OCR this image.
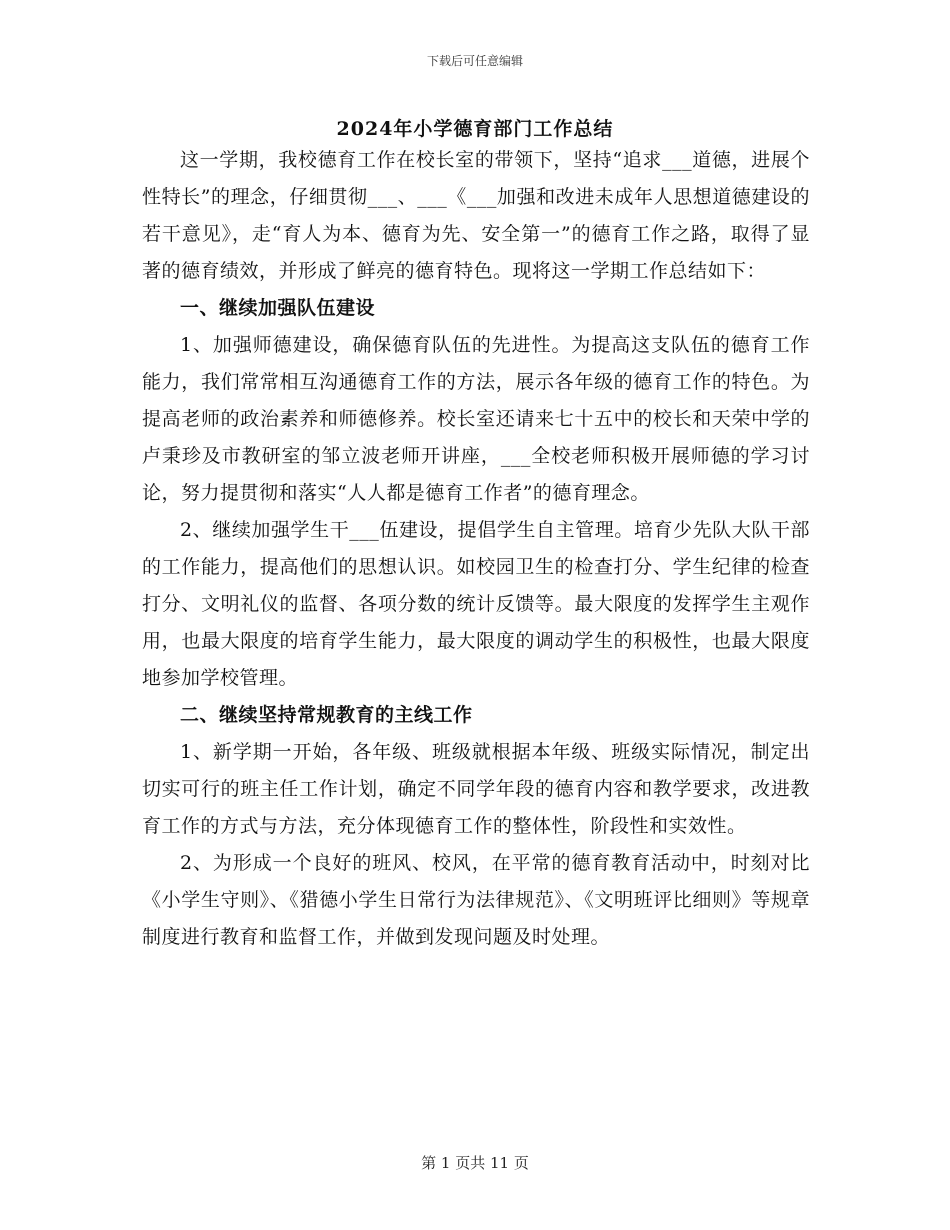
下载后可任意编辑
2024年小学德育部门工作总结

这一学期，我校德育工作在校长室的带领下，坚持“追求___道德，进展个性特长”的理念，仔细贯彻___、___《___加强和改进未成年人思想道德建设的若干意见》，走“育人为本、德育为先、安全第一”的德育工作之路，取得了显著的德育绩效，并形成了鲜亮的德育特色。现将这一学期工作总结如下：

一、继续加强队伍建设

1、加强师德建设，确保德育队伍的先进性。为提高这支队伍的德育工作能力，我们常常相互沟通德育工作的方法，展示各年级的德育工作的特色。为提高老师的政治素养和师德修养。校长室还请来七十五中的校长和天荣中学的卢秉珍及市教研室的邹立波老师开讲座，___全校老师积极开展师德的学习讨论，努力提贯彻和落实“人人都是德育工作者”的德育理念。

2、继续加强学生干___伍建设，提倡学生自主管理。培育少先队大队干部的工作能力，提高他们的思想认识。如校园卫生的检查打分、学生纪律的检查打分、文明礼仪的监督、各项分数的统计反馈等。最大限度的发挥学生主观作用，也最大限度的培育学生能力，最大限度的调动学生的积极性，也最大限度地参加学校管理。

二、继续坚持常规教育的主线工作

1、新学期一开始，各年级、班级就根据本年级、班级实际情况，制定出切实可行的班主任工作计划，确定不同学年段的德育内容和教学要求，改进教育工作的方式与方法，充分体现德育工作的整体性，阶段性和实效性。

2、为形成一个良好的班风、校风，在平常的德育教育活动中，时刻对比《小学生守则》、《猎德小学生日常行为法律规范》、《文明班评比细则》等规章制度进行教育和监督工作，并做到发现问题及时处理。

第 1 页共 11 页
